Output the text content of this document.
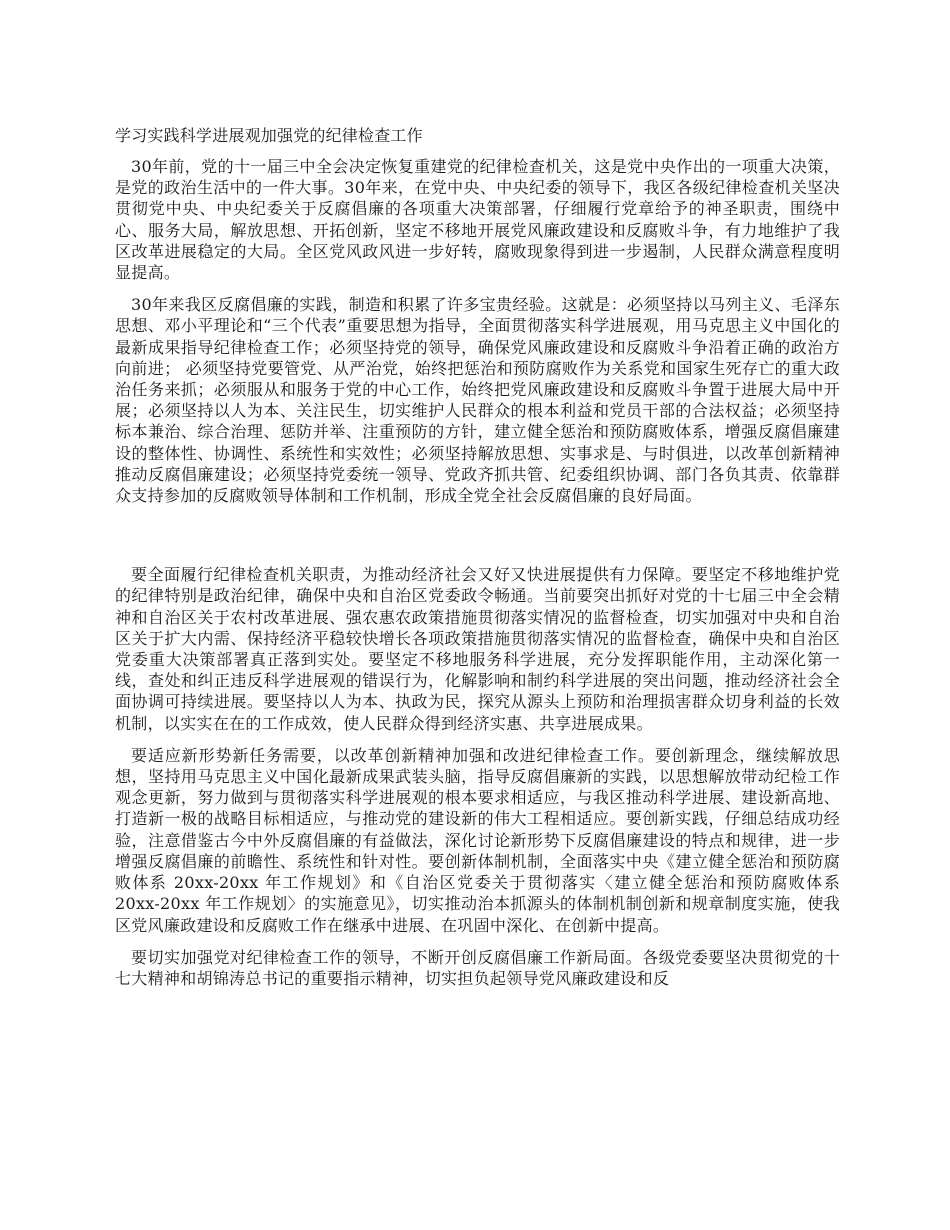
学习实践科学进展观加强党的纪律检查工作

30年前，党的十一届三中全会决定恢复重建党的纪律检查机关，这是党中央作出的一项重大决策，是党的政治生活中的一件大事。30年来，在党中央、中央纪委的领导下，我区各级纪律检查机关坚决贯彻党中央、中央纪委关于反腐倡廉的各项重大决策部署，仔细履行党章给予的神圣职责，围绕中心、服务大局，解放思想、开拓创新，坚定不移地开展党风廉政建设和反腐败斗争，有力地维护了我区改革进展稳定的大局。全区党风政风进一步好转，腐败现象得到进一步遏制，人民群众满意程度明显提高。

30年来我区反腐倡廉的实践，制造和积累了许多宝贵经验。这就是：必须坚持以马列主义、毛泽东思想、邓小平理论和“三个代表”重要思想为指导，全面贯彻落实科学进展观，用马克思主义中国化的最新成果指导纪律检查工作；必须坚持党的领导，确保党风廉政建设和反腐败斗争沿着正确的政治方向前进； 必须坚持党要管党、从严治党，始终把惩治和预防腐败作为关系党和国家生死存亡的重大政治任务来抓；必须服从和服务于党的中心工作，始终把党风廉政建设和反腐败斗争置于进展大局中开展；必须坚持以人为本、关注民生，切实维护人民群众的根本利益和党员干部的合法权益；必须坚持标本兼治、综合治理、惩防并举、注重预防的方针，建立健全惩治和预防腐败体系，增强反腐倡廉建设的整体性、协调性、系统性和实效性；必须坚持解放思想、实事求是、与时俱进，以改革创新精神推动反腐倡廉建设；必须坚持党委统一领导、党政齐抓共管、纪委组织协调、部门各负其责、依靠群众支持参加的反腐败领导体制和工作机制，形成全党全社会反腐倡廉的良好局面。

要全面履行纪律检查机关职责，为推动经济社会又好又快进展提供有力保障。要坚定不移地维护党的纪律特别是政治纪律，确保中央和自治区党委政令畅通。当前要突出抓好对党的十七届三中全会精神和自治区关于农村改革进展、强农惠农政策措施贯彻落实情况的监督检查，切实加强对中央和自治区关于扩大内需、保持经济平稳较快增长各项政策措施贯彻落实情况的监督检查，确保中央和自治区党委重大决策部署真正落到实处。要坚定不移地服务科学进展，充分发挥职能作用，主动深化第一线，查处和纠正违反科学进展观的错误行为，化解影响和制约科学进展的突出问题，推动经济社会全面协调可持续进展。要坚持以人为本、执政为民，探究从源头上预防和治理损害群众切身利益的长效机制，以实实在在的工作成效，使人民群众得到经济实惠、共享进展成果。

要适应新形势新任务需要，以改革创新精神加强和改进纪律检查工作。要创新理念，继续解放思想，坚持用马克思主义中国化最新成果武装头脑，指导反腐倡廉新的实践，以思想解放带动纪检工作观念更新，努力做到与贯彻落实科学进展观的根本要求相适应，与我区推动科学进展、建设新高地、打造新一极的战略目标相适应，与推动党的建设新的伟大工程相适应。要创新实践，仔细总结成功经验，注意借鉴古今中外反腐倡廉的有益做法，深化讨论新形势下反腐倡廉建设的特点和规律，进一步增强反腐倡廉的前瞻性、系统性和针对性。要创新体制机制，全面落实中央《建立健全惩治和预防腐败体系 20xx-20xx 年工作规划》和《自治区党委关于贯彻落实〈建立健全惩治和预防腐败体系 20xx-20xx 年工作规划〉的实施意见》，切实推动治本抓源头的体制机制创新和规章制度实施，使我区党风廉政建设和反腐败工作在继承中进展、在巩固中深化、在创新中提高。

要切实加强党对纪律检查工作的领导，不断开创反腐倡廉工作新局面。各级党委要坚决贯彻党的十七大精神和胡锦涛总书记的重要指示精神，切实担负起领导党风廉政建设和反
